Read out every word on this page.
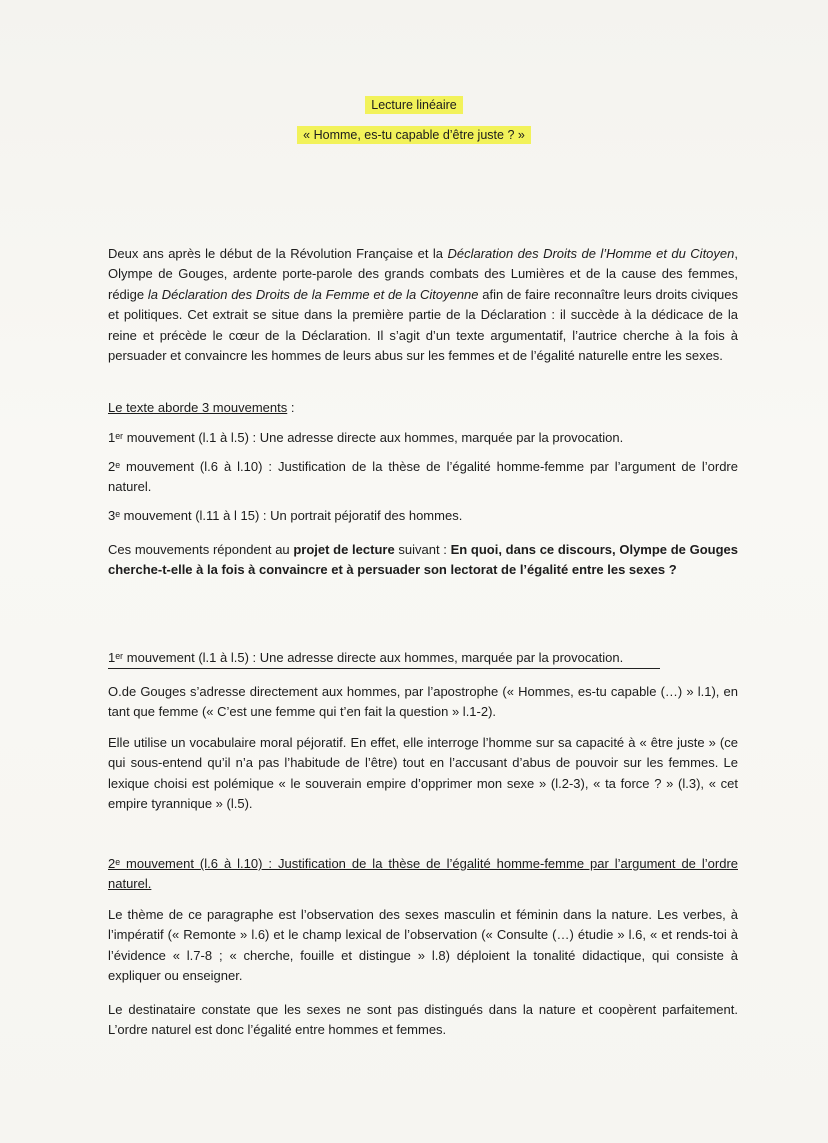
Lecture linéaire
« Homme, es-tu capable d’être juste ? »
Deux ans après le début de la Révolution Française et la Déclaration des Droits de l’Homme et du Citoyen, Olympe de Gouges, ardente porte-parole des grands combats des Lumières et de la cause des femmes, rédige la Déclaration des Droits de la Femme et de la Citoyenne afin de faire reconnaître leurs droits civiques et politiques. Cet extrait se situe dans la première partie de la Déclaration : il succède à la dédicace de la reine et précède le cœur de la Déclaration. Il s’agit d’un texte argumentatif, l’autrice cherche à la fois à persuader et convaincre les hommes de leurs abus sur les femmes et de l’égalité naturelle entre les sexes.
Le texte aborde 3 mouvements :
1ᵉʳ mouvement (l.1 à l.5) : Une adresse directe aux hommes, marquée par la provocation.
2ᵉ mouvement (l.6 à l.10) : Justification de la thèse de l’égalité homme-femme par l’argument de l’ordre naturel.
3ᵉ mouvement (l.11 à l 15) : Un portrait péjoratif des hommes.
Ces mouvements répondent au projet de lecture suivant : En quoi, dans ce discours, Olympe de Gouges cherche-t-elle à la fois à convaincre et à persuader son lectorat de l’égalité entre les sexes ?
1ᵉʳ mouvement (l.1 à l.5) : Une adresse directe aux hommes, marquée par la provocation.
O.de Gouges s’adresse directement aux hommes, par l’apostrophe (« Hommes, es-tu capable (…) » l.1), en tant que femme (« C’est une femme qui t’en fait la question » l.1-2).
Elle utilise un vocabulaire moral péjoratif. En effet, elle interroge l’homme sur sa capacité à « être juste » (ce qui sous-entend qu’il n’a pas l’habitude de l’être) tout en l’accusant d’abus de pouvoir sur les femmes. Le lexique choisi est polémique « le souverain empire d’opprimer mon sexe » (l.2-3), « ta force ? » (l.3), « cet empire tyrannique » (l.5).
2ᵉ mouvement (l.6 à l.10) : Justification de la thèse de l’égalité homme-femme par l’argument de l’ordre naturel.
Le thème de ce paragraphe est l’observation des sexes masculin et féminin dans la nature. Les verbes, à l’impératif (« Remonte » l.6) et le champ lexical de l’observation (« Consulte (…) étudie » l.6, « et rends-toi à l’évidence « l.7-8 ; « cherche, fouille et distingue » l.8) déploient la tonalité didactique, qui consiste à expliquer ou enseigner.
Le destinataire constate que les sexes ne sont pas distingués dans la nature et coopèrent parfaitement. L’ordre naturel est donc l’égalité entre hommes et femmes.
